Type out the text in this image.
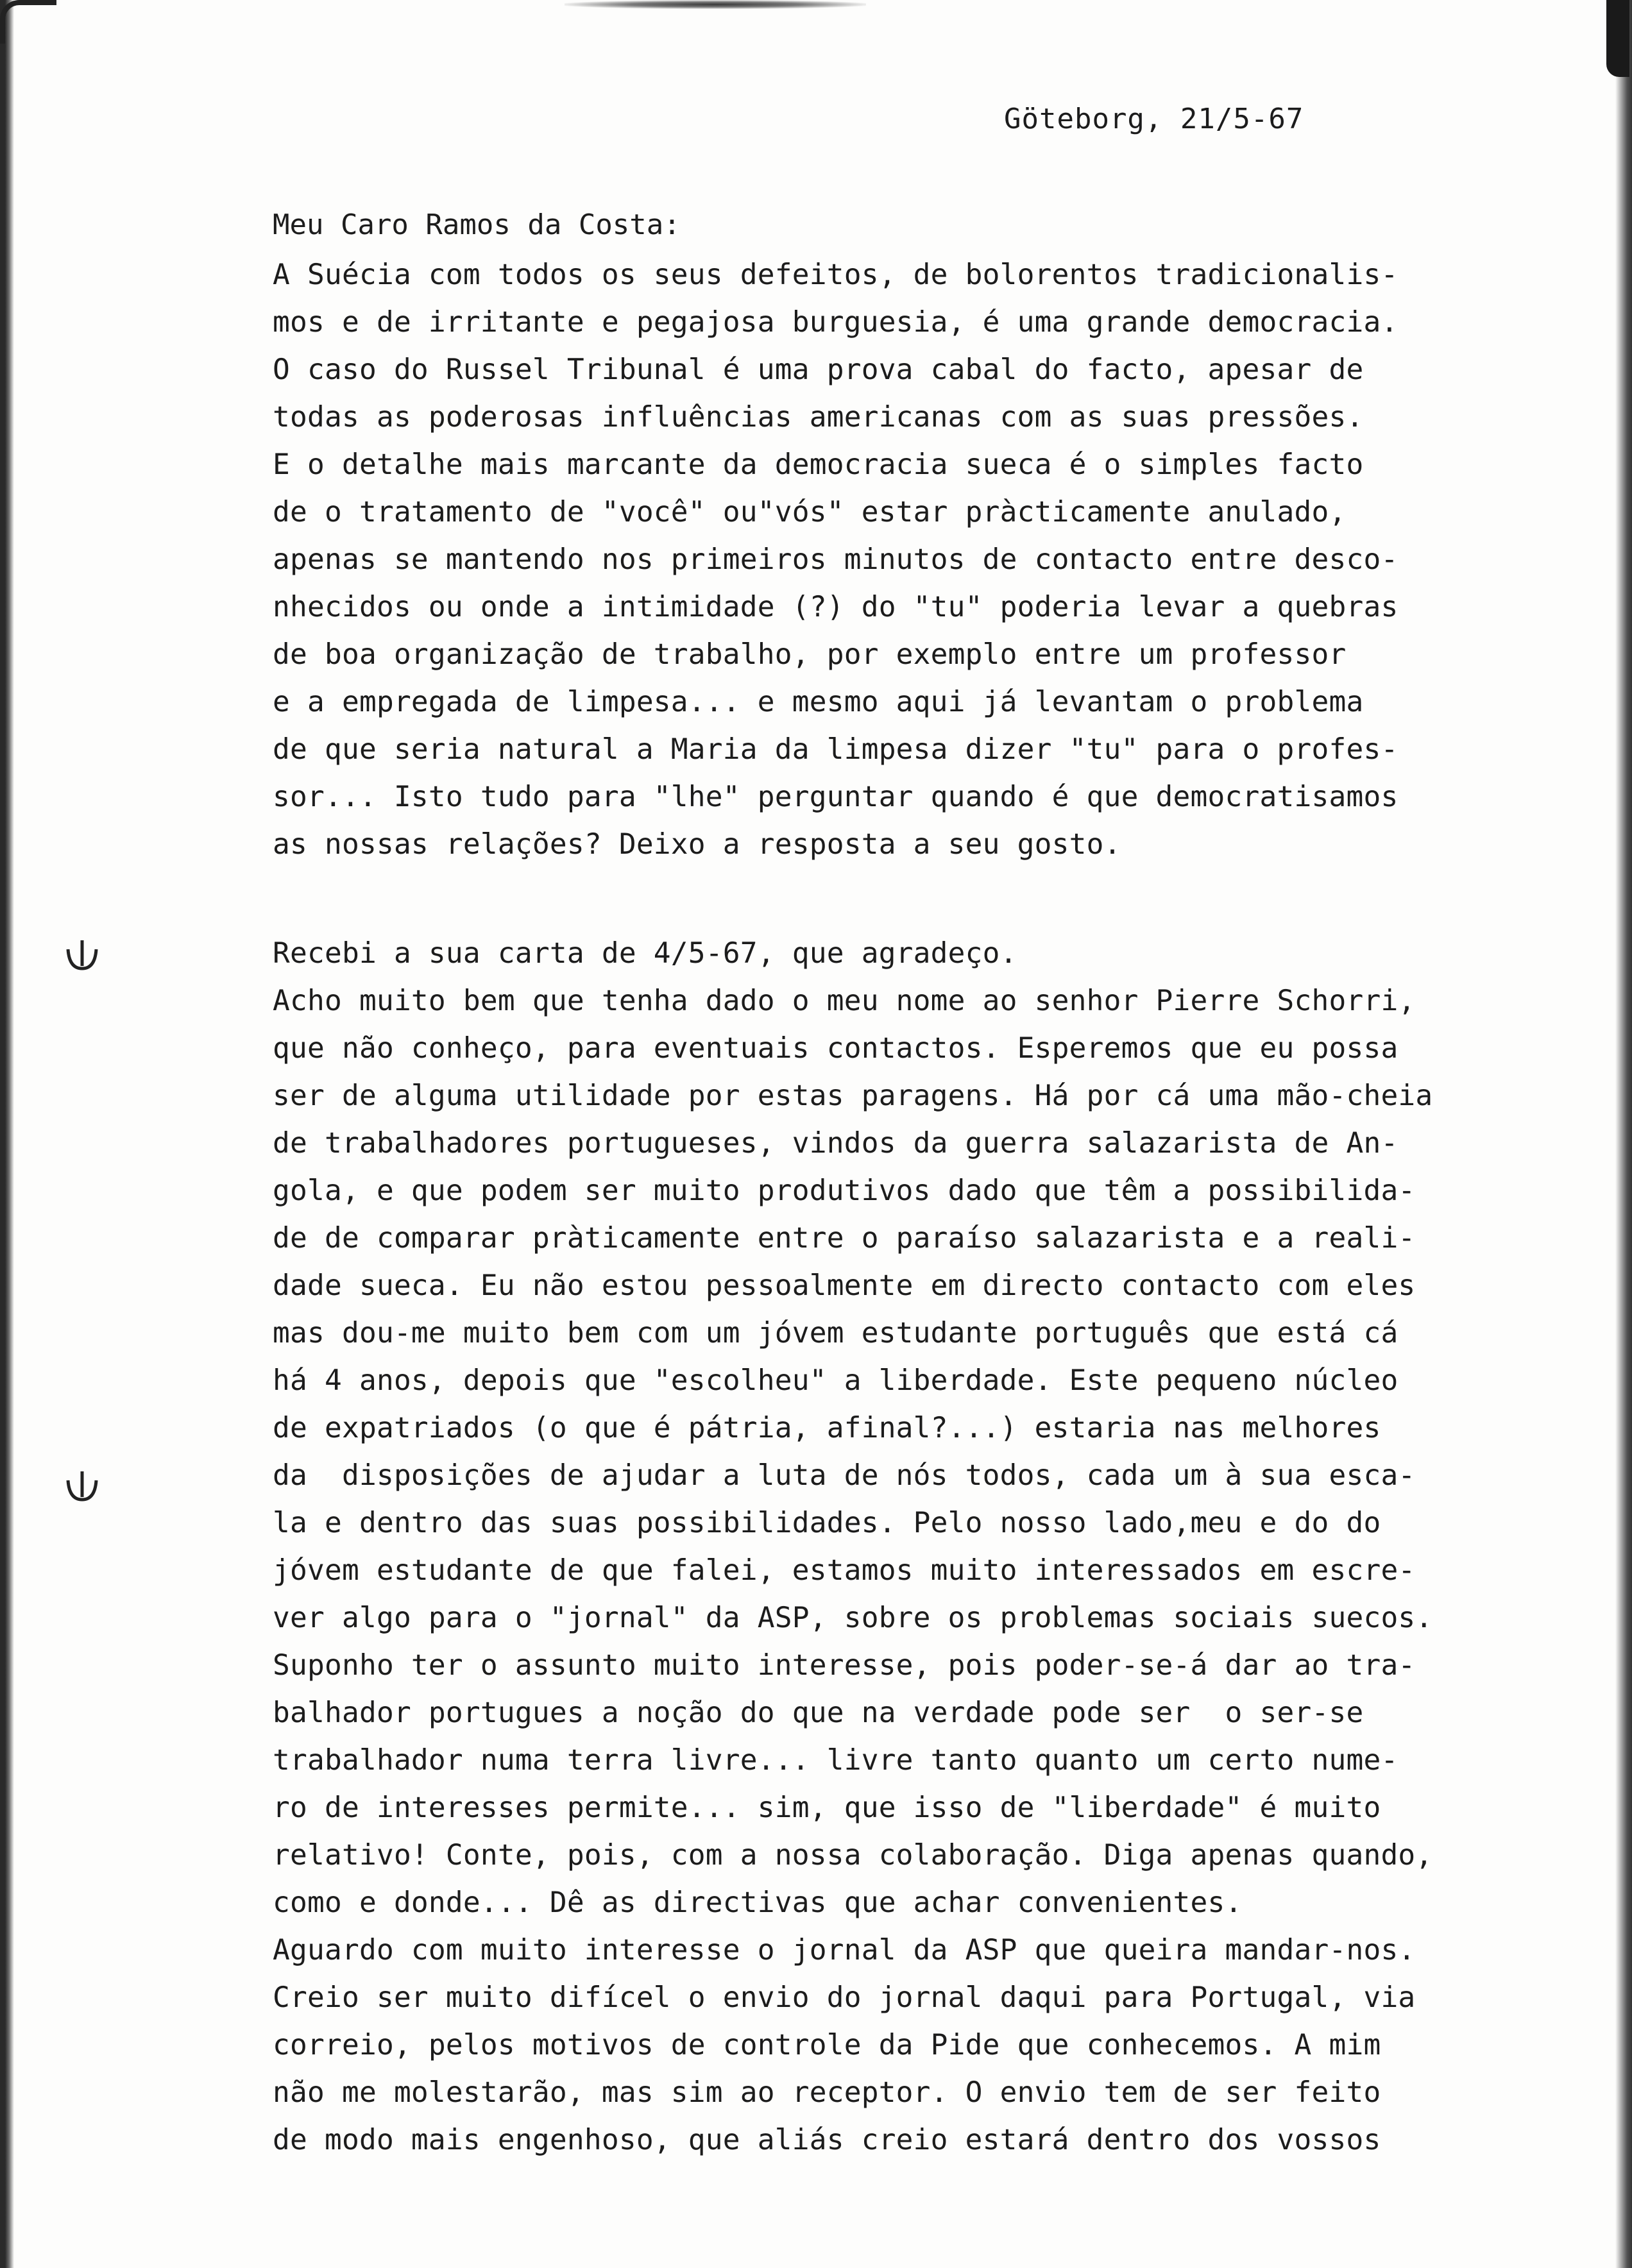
Göteborg, 21/5-67
Meu Caro Ramos da Costa:
A Suécia com todos os seus defeitos, de bolorentos tradicionalis-
mos e de irritante e pegajosa burguesia, é uma grande democracia.
O caso do Russel Tribunal é uma prova cabal do facto, apesar de
todas as poderosas influências americanas com as suas pressões.
E o detalhe mais marcante da democracia sueca é o simples facto
de o tratamento de "você" ou"vós" estar pràcticamente anulado,
apenas se mantendo nos primeiros minutos de contacto entre desco-
nhecidos ou onde a intimidade (?) do "tu" poderia levar a quebras
de boa organização de trabalho, por exemplo entre um professor
e a empregada de limpesa... e mesmo aqui já levantam o problema
de que seria natural a Maria da limpesa dizer "tu" para o profes-
sor... Isto tudo para "lhe" perguntar quando é que democratisamos
as nossas relações? Deixo a resposta a seu gosto.
Recebi a sua carta de 4/5-67, que agradeço.
Acho muito bem que tenha dado o meu nome ao senhor Pierre Schorri,
que não conheço, para eventuais contactos. Esperemos que eu possa
ser de alguma utilidade por estas paragens. Há por cá uma mão-cheia
de trabalhadores portugueses, vindos da guerra salazarista de An-
gola, e que podem ser muito produtivos dado que têm a possibilida-
de de comparar pràticamente entre o paraíso salazarista e a reali-
dade sueca. Eu não estou pessoalmente em directo contacto com eles
mas dou-me muito bem com um jóvem estudante português que está cá
há 4 anos, depois que "escolheu" a liberdade. Este pequeno núcleo
de expatriados (o que é pátria, afinal?...) estaria nas melhores
da  disposições de ajudar a luta de nós todos, cada um à sua esca-
la e dentro das suas possibilidades. Pelo nosso lado,meu e do do
jóvem estudante de que falei, estamos muito interessados em escre-
ver algo para o "jornal" da ASP, sobre os problemas sociais suecos.
Suponho ter o assunto muito interesse, pois poder-se-á dar ao tra-
balhador portugues a noção do que na verdade pode ser  o ser-se
trabalhador numa terra livre... livre tanto quanto um certo nume-
ro de interesses permite... sim, que isso de "liberdade" é muito
relativo! Conte, pois, com a nossa colaboração. Diga apenas quando,
como e donde... Dê as directivas que achar convenientes.
Aguardo com muito interesse o jornal da ASP que queira mandar-nos.
Creio ser muito difícel o envio do jornal daqui para Portugal, via
correio, pelos motivos de controle da Pide que conhecemos. A mim
não me molestarão, mas sim ao receptor. O envio tem de ser feito
de modo mais engenhoso, que aliás creio estará dentro dos vossos
